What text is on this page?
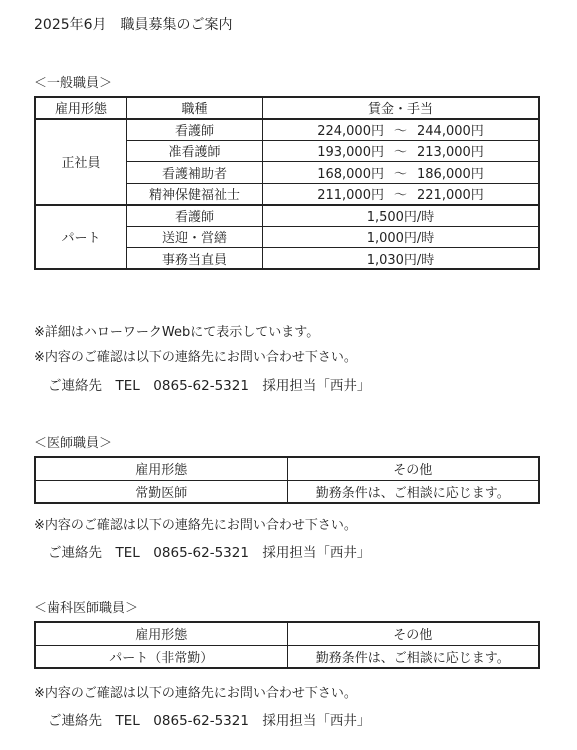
2025年6月　職員募集のご案内
＜一般職員＞
雇用形態	職種	賃金・手当
正社員	看護師	224,000円 ～ 244,000円
	准看護師	193,000円 ～ 213,000円
	看護補助者	168,000円 ～ 186,000円
	精神保健福祉士	211,000円 ～ 221,000円
パート	看護師	1,500円/時
	送迎・営繕	1,000円/時
	事務当直員	1,030円/時
※詳細はハローワークWebにて表示しています。
※内容のご確認は以下の連絡先にお問い合わせ下さい。
ご連絡先　TEL　0865-62-5321　採用担当「西井」
＜医師職員＞
雇用形態	その他
常勤医師	勤務条件は、ご相談に応じます。
※内容のご確認は以下の連絡先にお問い合わせ下さい。
ご連絡先　TEL　0865-62-5321　採用担当「西井」
＜歯科医師職員＞
雇用形態	その他
パート（非常勤）	勤務条件は、ご相談に応じます。
※内容のご確認は以下の連絡先にお問い合わせ下さい。
ご連絡先　TEL　0865-62-5321　採用担当「西井」
